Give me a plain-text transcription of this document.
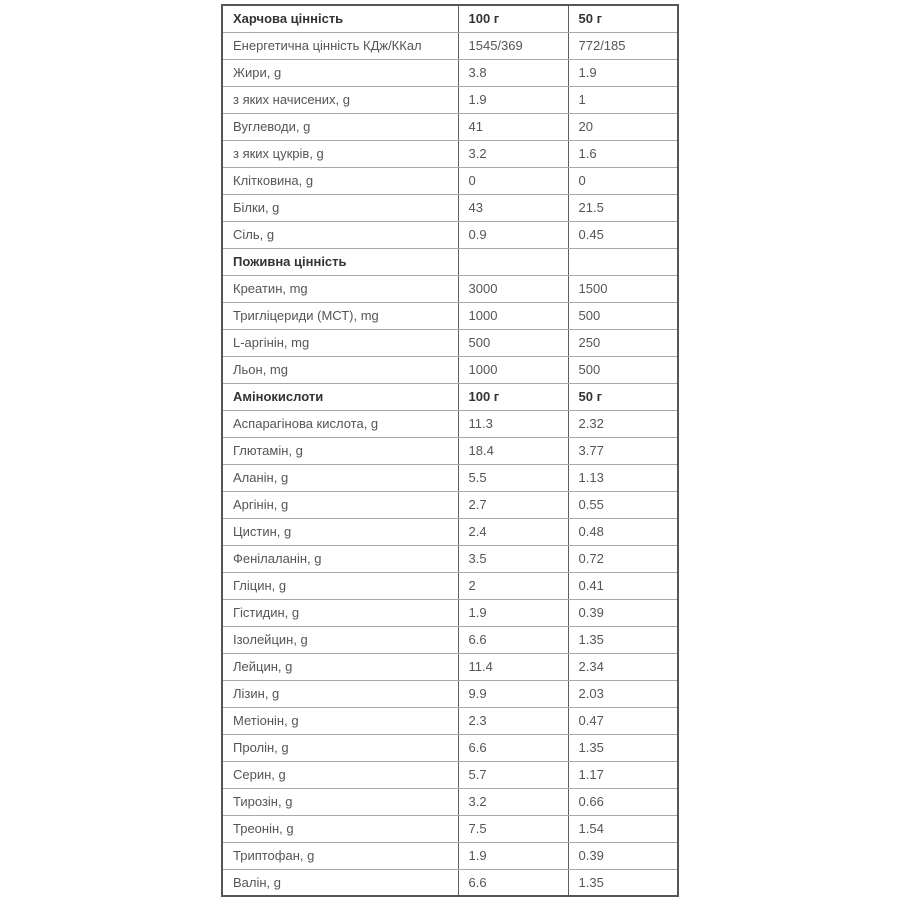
Харчова цінність	100 г	50 г
Енергетична цінність КДж/ККал	1545/369	772/185
Жири, g	3.8	1.9
з яких начисених, g	1.9	1
Вуглеводи, g	41	20
з яких цукрів, g	3.2	1.6
Клітковина, g	0	0
Білки, g	43	21.5
Сіль, g	0.9	0.45
Поживна цінність		
Креатин, mg	3000	1500
Тригліцериди (МСТ), mg	1000	500
L-аргінін, mg	500	250
Льон, mg	1000	500
Амінокислоти	100 г	50 г
Аспарагінова кислота, g	11.3	2.32
Глютамін, g	18.4	3.77
Аланін, g	5.5	1.13
Аргінін, g	2.7	0.55
Цистин, g	2.4	0.48
Фенілаланін, g	3.5	0.72
Гліцин, g	2	0.41
Гістидин, g	1.9	0.39
Ізолейцин, g	6.6	1.35
Лейцин, g	11.4	2.34
Лізин, g	9.9	2.03
Метіонін, g	2.3	0.47
Пролін, g	6.6	1.35
Серин, g	5.7	1.17
Тирозін, g	3.2	0.66
Треонін, g	7.5	1.54
Триптофан, g	1.9	0.39
Валін, g	6.6	1.35
